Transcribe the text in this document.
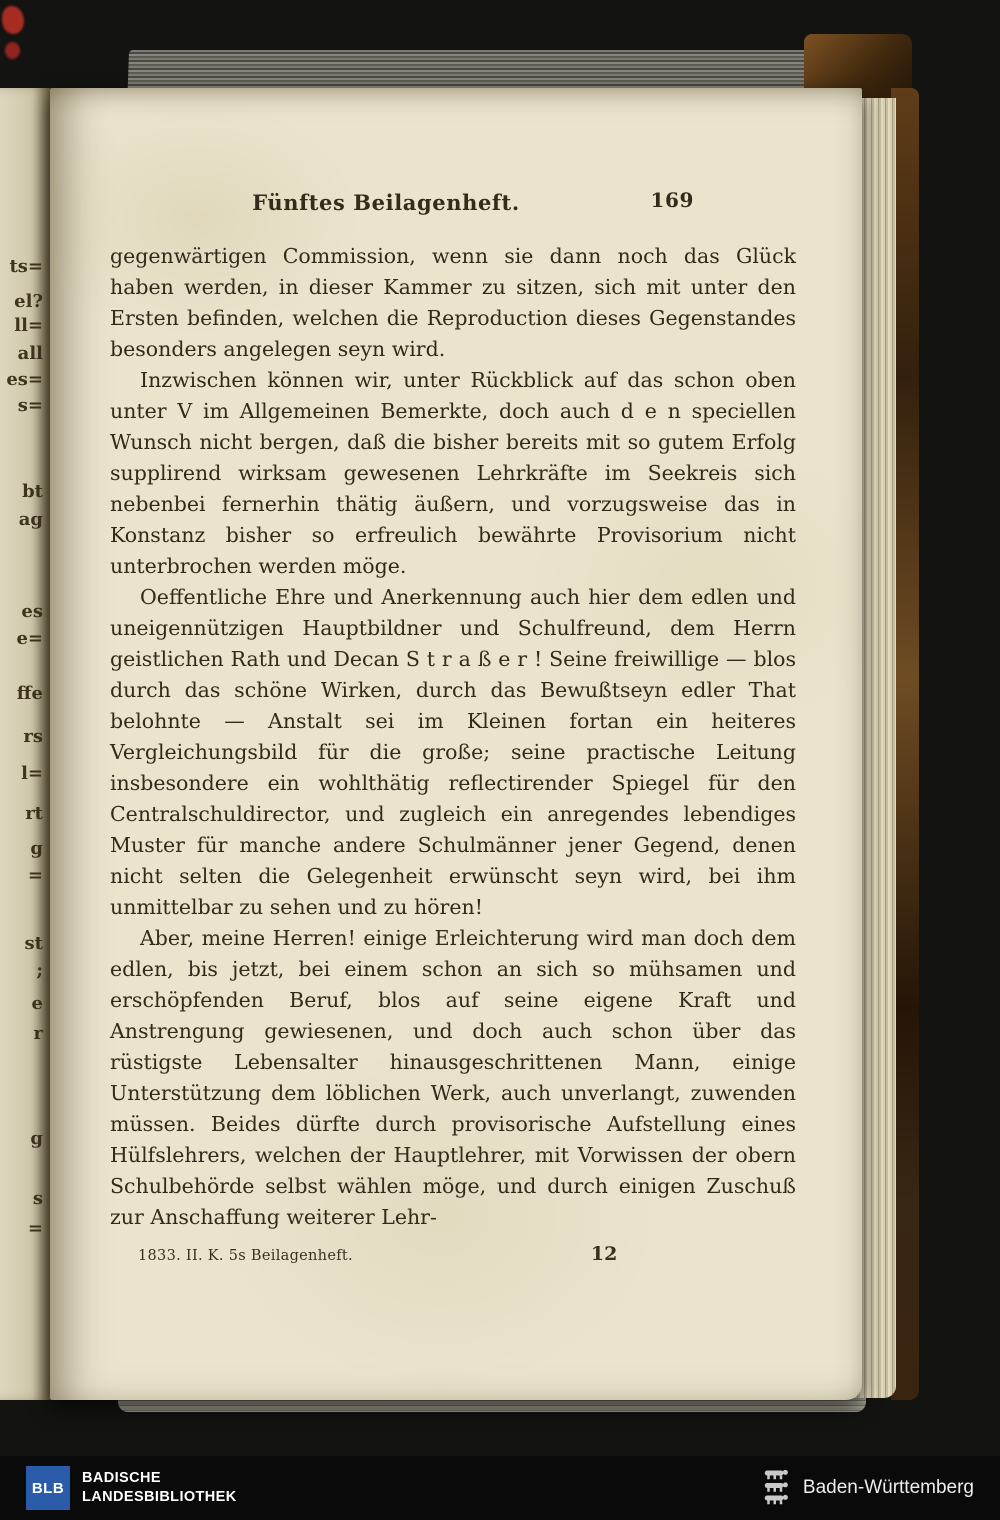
ts=
el?
ll=
all
es=
s=
bt
ag
es
e=
ffe
rs
l=
rt
g
=
st
;
e
r
g
s
=
Fünftes Beilagenheft.	169

gegenwärtigen Commission, wenn sie dann noch das Glück haben werden, in dieser Kammer zu sitzen, sich mit unter den Ersten befinden, welchen die Reproduction dieses Gegenstandes besonders angelegen seyn wird.

Inzwischen können wir, unter Rückblick auf das schon oben unter V im Allgemeinen Bemerkte, doch auch d e n speciellen Wunsch nicht bergen, daß die bisher bereits mit so gutem Erfolg supplirend wirksam gewesenen Lehrkräfte im Seekreis sich nebenbei fernerhin thätig äußern, und vorzugsweise das in Konstanz bisher so erfreulich bewährte Provisorium nicht unterbrochen werden möge.

Oeffentliche Ehre und Anerkennung auch hier dem edlen und uneigennützigen Hauptbildner und Schulfreund, dem Herrn geistlichen Rath und Decan S t r a ß e r ! Seine freiwillige — blos durch das schöne Wirken, durch das Bewußtseyn edler That belohnte — Anstalt sei im Kleinen fortan ein heiteres Vergleichungsbild für die große; seine practische Leitung insbesondere ein wohlthätig reflectirender Spiegel für den Centralschuldirector, und zugleich ein anregendes lebendiges Muster für manche andere Schulmänner jener Gegend, denen nicht selten die Gelegenheit erwünscht seyn wird, bei ihm unmittelbar zu sehen und zu hören!

Aber, meine Herren! einige Erleichterung wird man doch dem edlen, bis jetzt, bei einem schon an sich so mühsamen und erschöpfenden Beruf, blos auf seine eigene Kraft und Anstrengung gewiesenen, und doch auch schon über das rüstigste Lebensalter hinausgeschrittenen Mann, einige Unterstützung dem löblichen Werk, auch unverlangt, zuwenden müssen. Beides dürfte durch provisorische Aufstellung eines Hülfslehrers, welchen der Hauptlehrer, mit Vorwissen der obern Schulbehörde selbst wählen möge, und durch einigen Zuschuß zur Anschaffung weiterer Lehr-

1833. II. K. 5s Beilagenheft.	12
BLB
BADISCHE
LANDESBIBLIOTHEK	Baden-Württemberg
